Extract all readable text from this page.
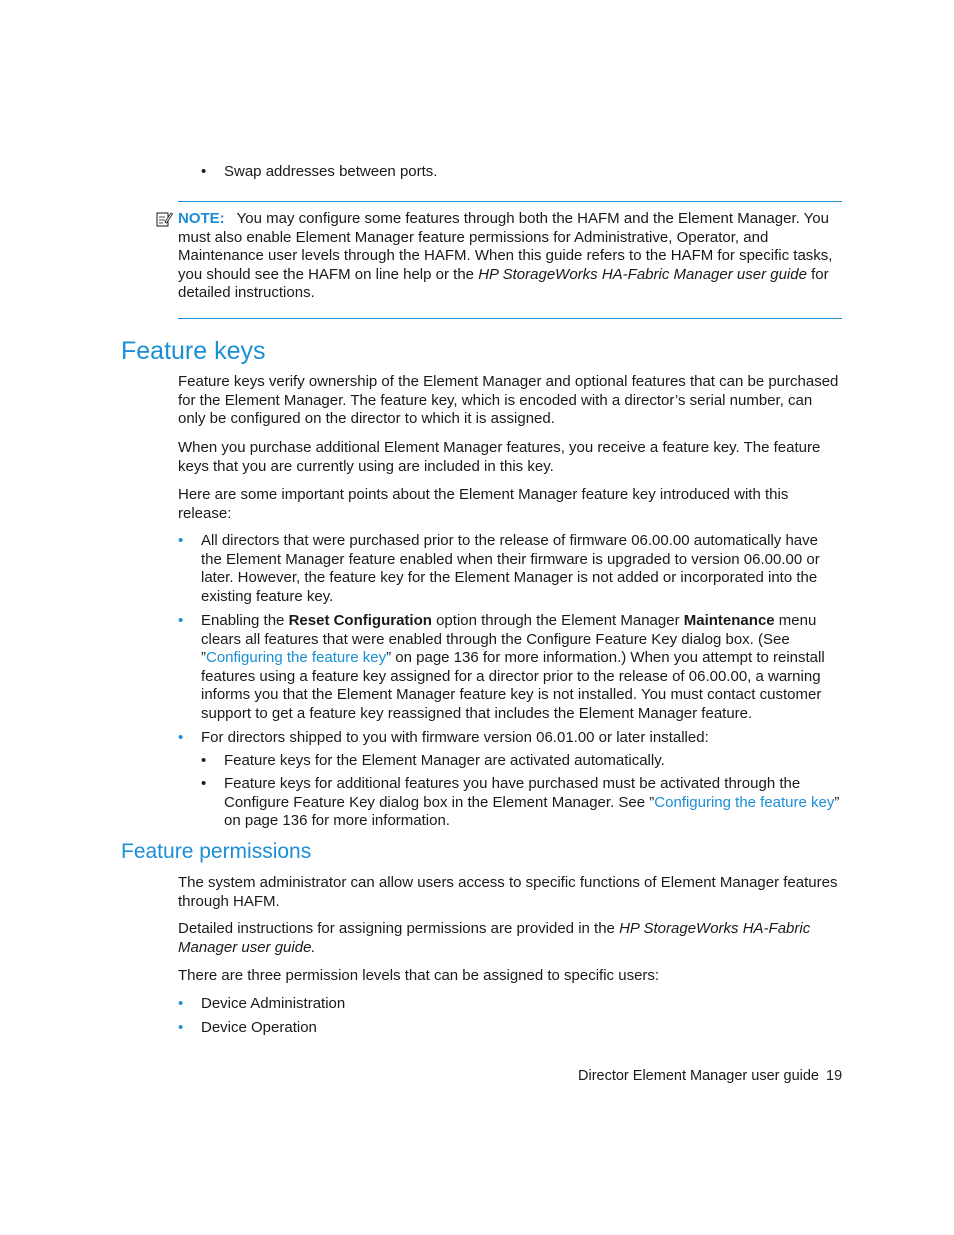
• Swap addresses between ports.
NOTE: You may configure some features through both the HAFM and the Element Manager. You must also enable Element Manager feature permissions for Administrative, Operator, and Maintenance user levels through the HAFM. When this guide refers to the HAFM for specific tasks, you should see the HAFM on line help or the HP StorageWorks HA-Fabric Manager user guide for detailed instructions.
Feature keys
Feature keys verify ownership of the Element Manager and optional features that can be purchased for the Element Manager. The feature key, which is encoded with a director’s serial number, can only be configured on the director to which it is assigned.
When you purchase additional Element Manager features, you receive a feature key. The feature keys that you are currently using are included in this key.
Here are some important points about the Element Manager feature key introduced with this release:
• All directors that were purchased prior to the release of firmware 06.00.00 automatically have the Element Manager feature enabled when their firmware is upgraded to version 06.00.00 or later. However, the feature key for the Element Manager is not added or incorporated into the existing feature key.
• Enabling the Reset Configuration option through the Element Manager Maintenance menu clears all features that were enabled through the Configure Feature Key dialog box. (See ”Configuring the feature key” on page 136 for more information.) When you attempt to reinstall features using a feature key assigned for a director prior to the release of 06.00.00, a warning informs you that the Element Manager feature key is not installed. You must contact customer support to get a feature key reassigned that includes the Element Manager feature.
• For directors shipped to you with firmware version 06.01.00 or later installed:
• Feature keys for the Element Manager are activated automatically.
• Feature keys for additional features you have purchased must be activated through the Configure Feature Key dialog box in the Element Manager. See ”Configuring the feature key” on page 136 for more information.
Feature permissions
The system administrator can allow users access to specific functions of Element Manager features through HAFM.
Detailed instructions for assigning permissions are provided in the HP StorageWorks HA-Fabric Manager user guide.
There are three permission levels that can be assigned to specific users:
• Device Administration
• Device Operation
Director Element Manager user guide 19
